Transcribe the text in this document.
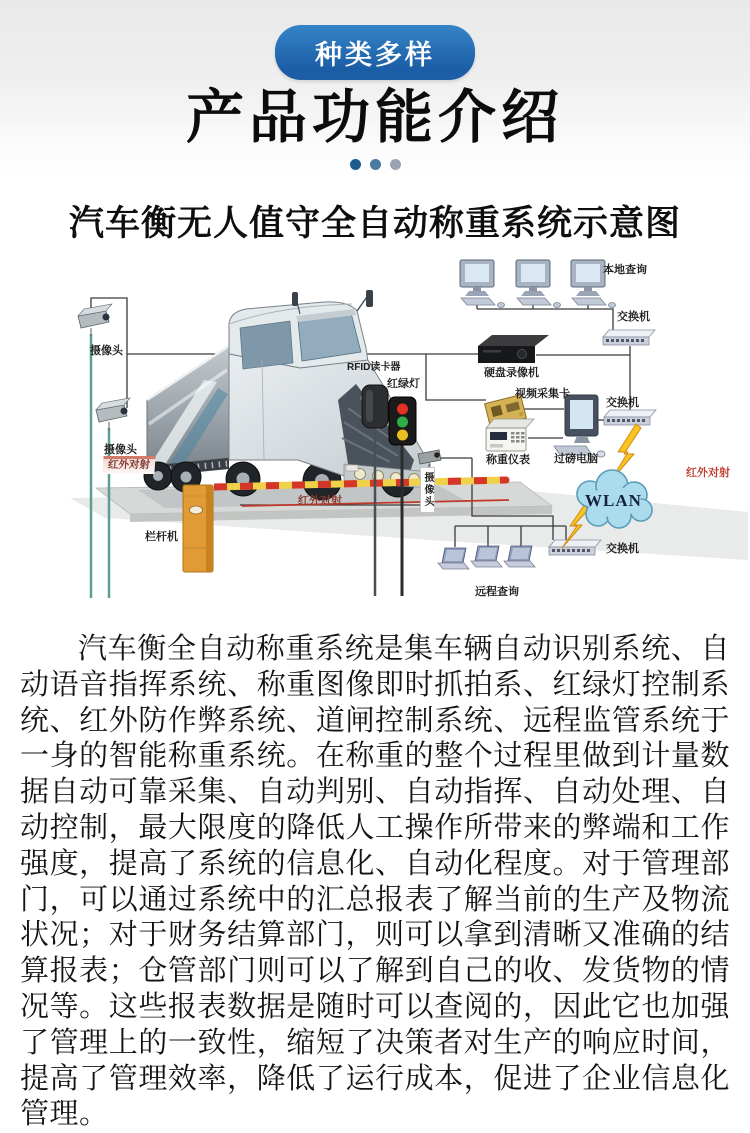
种类多样
产品功能介绍
汽车衡无人值守全自动称重系统示意图
摄像头
摄像头
RFID读卡器
红绿灯
摄像头
红外对射
红外对射
红外对射
栏杆机
本地查询
交换机
硬盘录像机
视频采集卡
称重仪表 过磅电脑
交换机
WLAN
交换机
远程查询

汽车衡全自动称重系统是集车辆自动识别系统、自动语音指挥系统、称重图像即时抓拍系、红绿灯控制系统、红外防作弊系统、道闸控制系统、远程监管系统于一身的智能称重系统。在称重的整个过程里做到计量数据自动可靠采集、自动判别、自动指挥、自动处理、自动控制，最大限度的降低人工操作所带来的弊端和工作强度，提高了系统的信息化、自动化程度。对于管理部门，可以通过系统中的汇总报表了解当前的生产及物流状况；对于财务结算部门，则可以拿到清晰又准确的结算报表；仓管部门则可以了解到自己的收、发货物的情况等。这些报表数据是随时可以查阅的，因此它也加强了管理上的一致性，缩短了决策者对生产的响应时间，提高了管理效率，降低了运行成本，促进了企业信息化管理。
